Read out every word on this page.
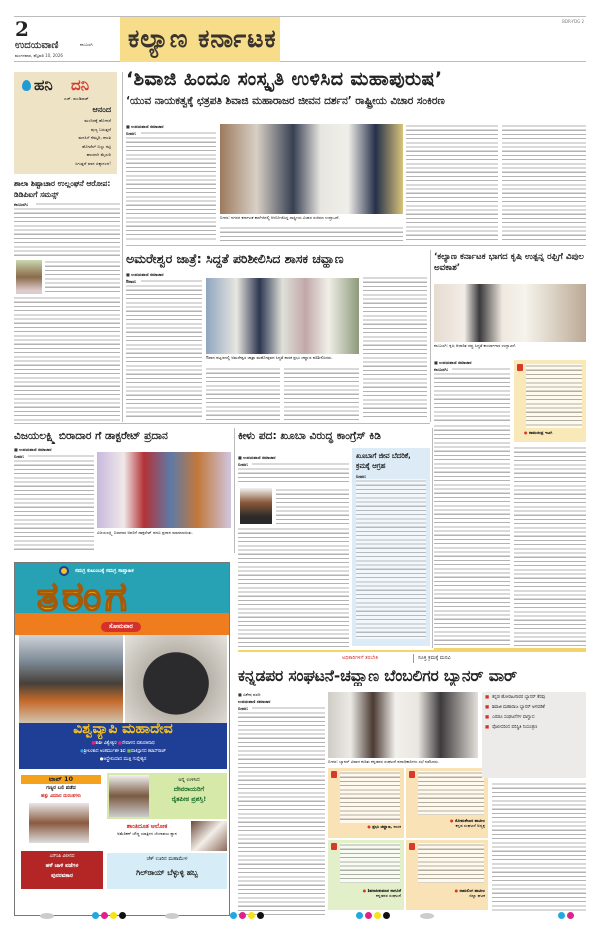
2
ಉದಯವಾಣಿ	ಕಲಬುರಗಿ
ಮಂಗಳವಾರ, ಫೆಬ್ರವರಿ 10, 2026
ಕಲ್ಯಾಣ ಕರ್ನಾಟಕ
BDR-YDG 2
ಹನಿ ದನಿ
ಎಚ್. ಡುಂಡಿರಾಜ್
ಆನಂದ
ಮಂದಿರಕ್ಕೆ ಹೋದರೆ
ಪುಣ್ಯ ಬರುತ್ತದೆ
ಮನಸಿಗೆ ನೆಮ್ಮದಿ, ಶಾಂತಿ
ಹೋಟೆಲ್ ಬಿಲ್ಲು ಕಟ್ಟಿ
ಹಾಯಾಗಿ ಮೈಸುರಿ
ಸಿಗುತ್ತದೆ ಖಾನ ಪಿಕ್ಕಾನಂದ!
ಶಾಲಾ ಶಿಷ್ಟಾಚಾರ ಉಲ್ಲಂಘನೆ ಆರೋಪ: ಡಿಡಿಪಿಐಗೆ ಸಮನ್ಸ್
ಕಲಬುರಗಿ:
‘ಶಿವಾಜಿ ಹಿಂದೂ ಸಂಸ್ಕೃತಿ ಉಳಿಸಿದ ಮಹಾಪುರುಷ’
‘ಯುವ ನಾಯಕತ್ವಕ್ಕೆ ಛತ್ರಪತಿ ಶಿವಾಜಿ ಮಹಾರಾಜರ ಜೀವನ ದರ್ಶನ’ ರಾಷ್ಟ್ರೀಯ ವಿಚಾರ ಸಂಕಿರಣ
■ ಉದಯವಾಣಿ ಸಮಾಚಾರ
ಬೀದರ:
ಬೀದರ: ನಗರದ ಕರ್ನಾಟಕ ಕಾಲೇಜಿನಲ್ಲಿ ಆಯೋಜಿಸಿದ್ದ ರಾಷ್ಟ್ರೀಯ ವಿಚಾರ ಸಂಕಿರಣ ಉದ್ಘಾಟನೆ.
ಅಮರೇಶ್ವರ ಜಾತ್ರೆ: ಸಿದ್ಧತೆ ಪರಿಶೀಲಿಸಿದ ಶಾಸಕ ಚವ್ಹಾಣ
■ ಉದಯವಾಣಿ ಸಮಾಚಾರ
ಔರಾದ:
ಔರಾದ ಪಟ್ಟಣದಲ್ಲಿ ಅಮರೇಶ್ವರ ಜಾತ್ರಾ ಮಹೋತ್ಸವದ ಸಿದ್ಧತೆ ಶಾಸಕ ಪ್ರಭು ಚವ್ಹಾಣ ಪರಿಶೀಲಿಸಿದರು.
‘ಕಲ್ಯಾಣ ಕರ್ನಾಟಕ ಭಾಗದ ಕೃಷಿ ಉತ್ಪನ್ನ ರಫ್ತಿಗೆ ವಿಪುಲ ಅವಕಾಶ’
ಕಲಬುರಗಿ: ಕೃಷಿ ಆಧಾರಿತ ರಫ್ತು ಸಿದ್ಧತೆ ಕಾರ್ಯಾಗಾರ ಉದ್ಘಾಟನೆ.
■ ಉದಯವಾಣಿ ಸಮಾಚಾರ
ಕಲಬುರಗಿ:
● ರಾಮಚಂದ್ರ ಇಟಗಿ
ವಿಜಯಲಕ್ಷ್ಮಿ ಬಿರಾದಾರ ಗೆ ಡಾಕ್ಟರೇಟ್ ಪ್ರದಾನ
■ ಉದಯವಾಣಿ ಸಮಾಚಾರ
ಬೀದರ:
ವಿಜಯಲಕ್ಷ್ಮಿ ಬಿರಾದಾರ ಅವರಿಗೆ ಡಾಕ್ಟರೇಟ್ ಪದವಿ ಪ್ರದಾನ ಮಾಡಲಾಯಿತು.
ಕೀಳು ಪದ: ಖೂಬಾ ವಿರುದ್ಧ ಕಾಂಗ್ರೆಸ್ ಕಿಡಿ
■ ಉದಯವಾಣಿ ಸಮಾಚಾರ
ಬೀದರ:
ಖೂಬಾಗೆ ಜೀವ ಬೆದರಿಕೆ, ಕ್ರಮಕ್ಕೆ ಆಗ್ರಹ
ಬೀದರ:
ಸಮಗ್ರ ಕುಟುಂಬಕ್ಕೆ ಸಮಗ್ರ ಸಾಪ್ತಾಹಿಕ
ತರಂಗ
ಸೋಮವಾರ
ವಿಶ್ವವ್ಯಾಪಿ ಮಹಾದೇವ
■ಕಾಶೀ ವಿಶ್ವೇಶ್ವರ ■ನೇಪಾಳದ ಪಶುಪತಿನಾಥ
●ಶ್ರೀಲಂಕಾದ ಅಂತರ್ಮುಖೀ ಶಿವ ■ಪಾಕಿಸ್ತಾನದ ಕಟಾಸ್‌ರಾಜ್
●ಆಸ್ಟ್ರೇಲಿಯಾದ ಮುಕ್ತಿ ಗುಪ್ತೇಶ್ವರ
ಟಾಪ್ 10
ಗಣ್ಯರ ಬಲಿ ಪಡೆದ
ಹತ್ತು ವಿಮಾನ ದುರಂತಗಳು
ಅನ್ನ ಉಳಿಸಿದ
ದೇವರಾಯರಿಗೆ
ರೈತಪೀಠ ಪ್ರಶಸ್ತಿ!
ಶಾಂತಿದೂತ ಆಲೋಕ
ಅಮೆರಿಕನ್ ಬೌದ್ಧ ಯಾತ್ರಿಗಳ ಬೆಂಗಾವಲು ಶ್ವಾನ
ಎನ್‌ಸಿಪಿ ವಿಲೀನದ
ಹಳೆ ಚಾಳಿ ಪಡೆಗಳ
ಪುನರವತಾರ
ಚೆಕ್ ಊರಿನ ಮಹಾಮೇಳ
ಗಿಲ್‌ರಾಯ್ ಬೆಳ್ಳುಳ್ಳಿ ಹಬ್ಬ
ಅಧಿಕಾರಿಗಳಿಗೆ ತರಬೇತಿ	ಸೂಕ್ತ ಕ್ರಮಕ್ಕೆ ಮನವಿ
ಕನ್ನಡಪರ ಸಂಘಟನೆ-ಚವ್ಹಾಣ ಬೆಂಬಲಿಗರ ಬ್ಯಾನರ್ ವಾರ್
■ ವಿಶೇಷ ವರದಿ
ಉದಯವಾಣಿ ಸಮಾಚಾರ
ಬೀದರ:
ಬೀದರ: ಬ್ಯಾನರ್ ವಿವಾದ ಕುರಿತು ಕನ್ನಡಪರ ಸಂಘಟನೆ ಪದಾಧಿಕಾರಿಗಳು ಸಭೆ ನಡೆಸಿದರು.
● ಪ್ರಭು ಚವ್ಹಾಣ, ಶಾಸಕ
● ಸೋಮಶೇಖರ ಪಾಟೀಲ
ಕನ್ನಡ ಸಂಘಟನೆ ಅಧ್ಯಕ್ಷ
● ಶಿವರಾಜಕುಮಾರ ನಾಗೂರೆ
ಕನ್ನಡಪರ ಸಂಘಟನೆ
● ರಾಮಲಿಂಗ ಪಾಟೀಲ
ಜಿಲ್ಲಾ ಘಟಕ
■ ಕನ್ನಡ ಹೋರಾಟಗಾರರ ಬ್ಯಾನರ್ ತೆರವು
■ ಶಿವಾಜಿ ಮಹಾರಾಜ ಬ್ಯಾನರ್ ಅಳವಡಿಕೆ
■ ಎರಡೂ ಸಂಘಟನೆಗಳ ವಾಗ್ವಾದ
■ ಪೊಲೀಸರಿಂದ ಪರಿಸ್ಥಿತಿ ನಿಯಂತ್ರಣ
